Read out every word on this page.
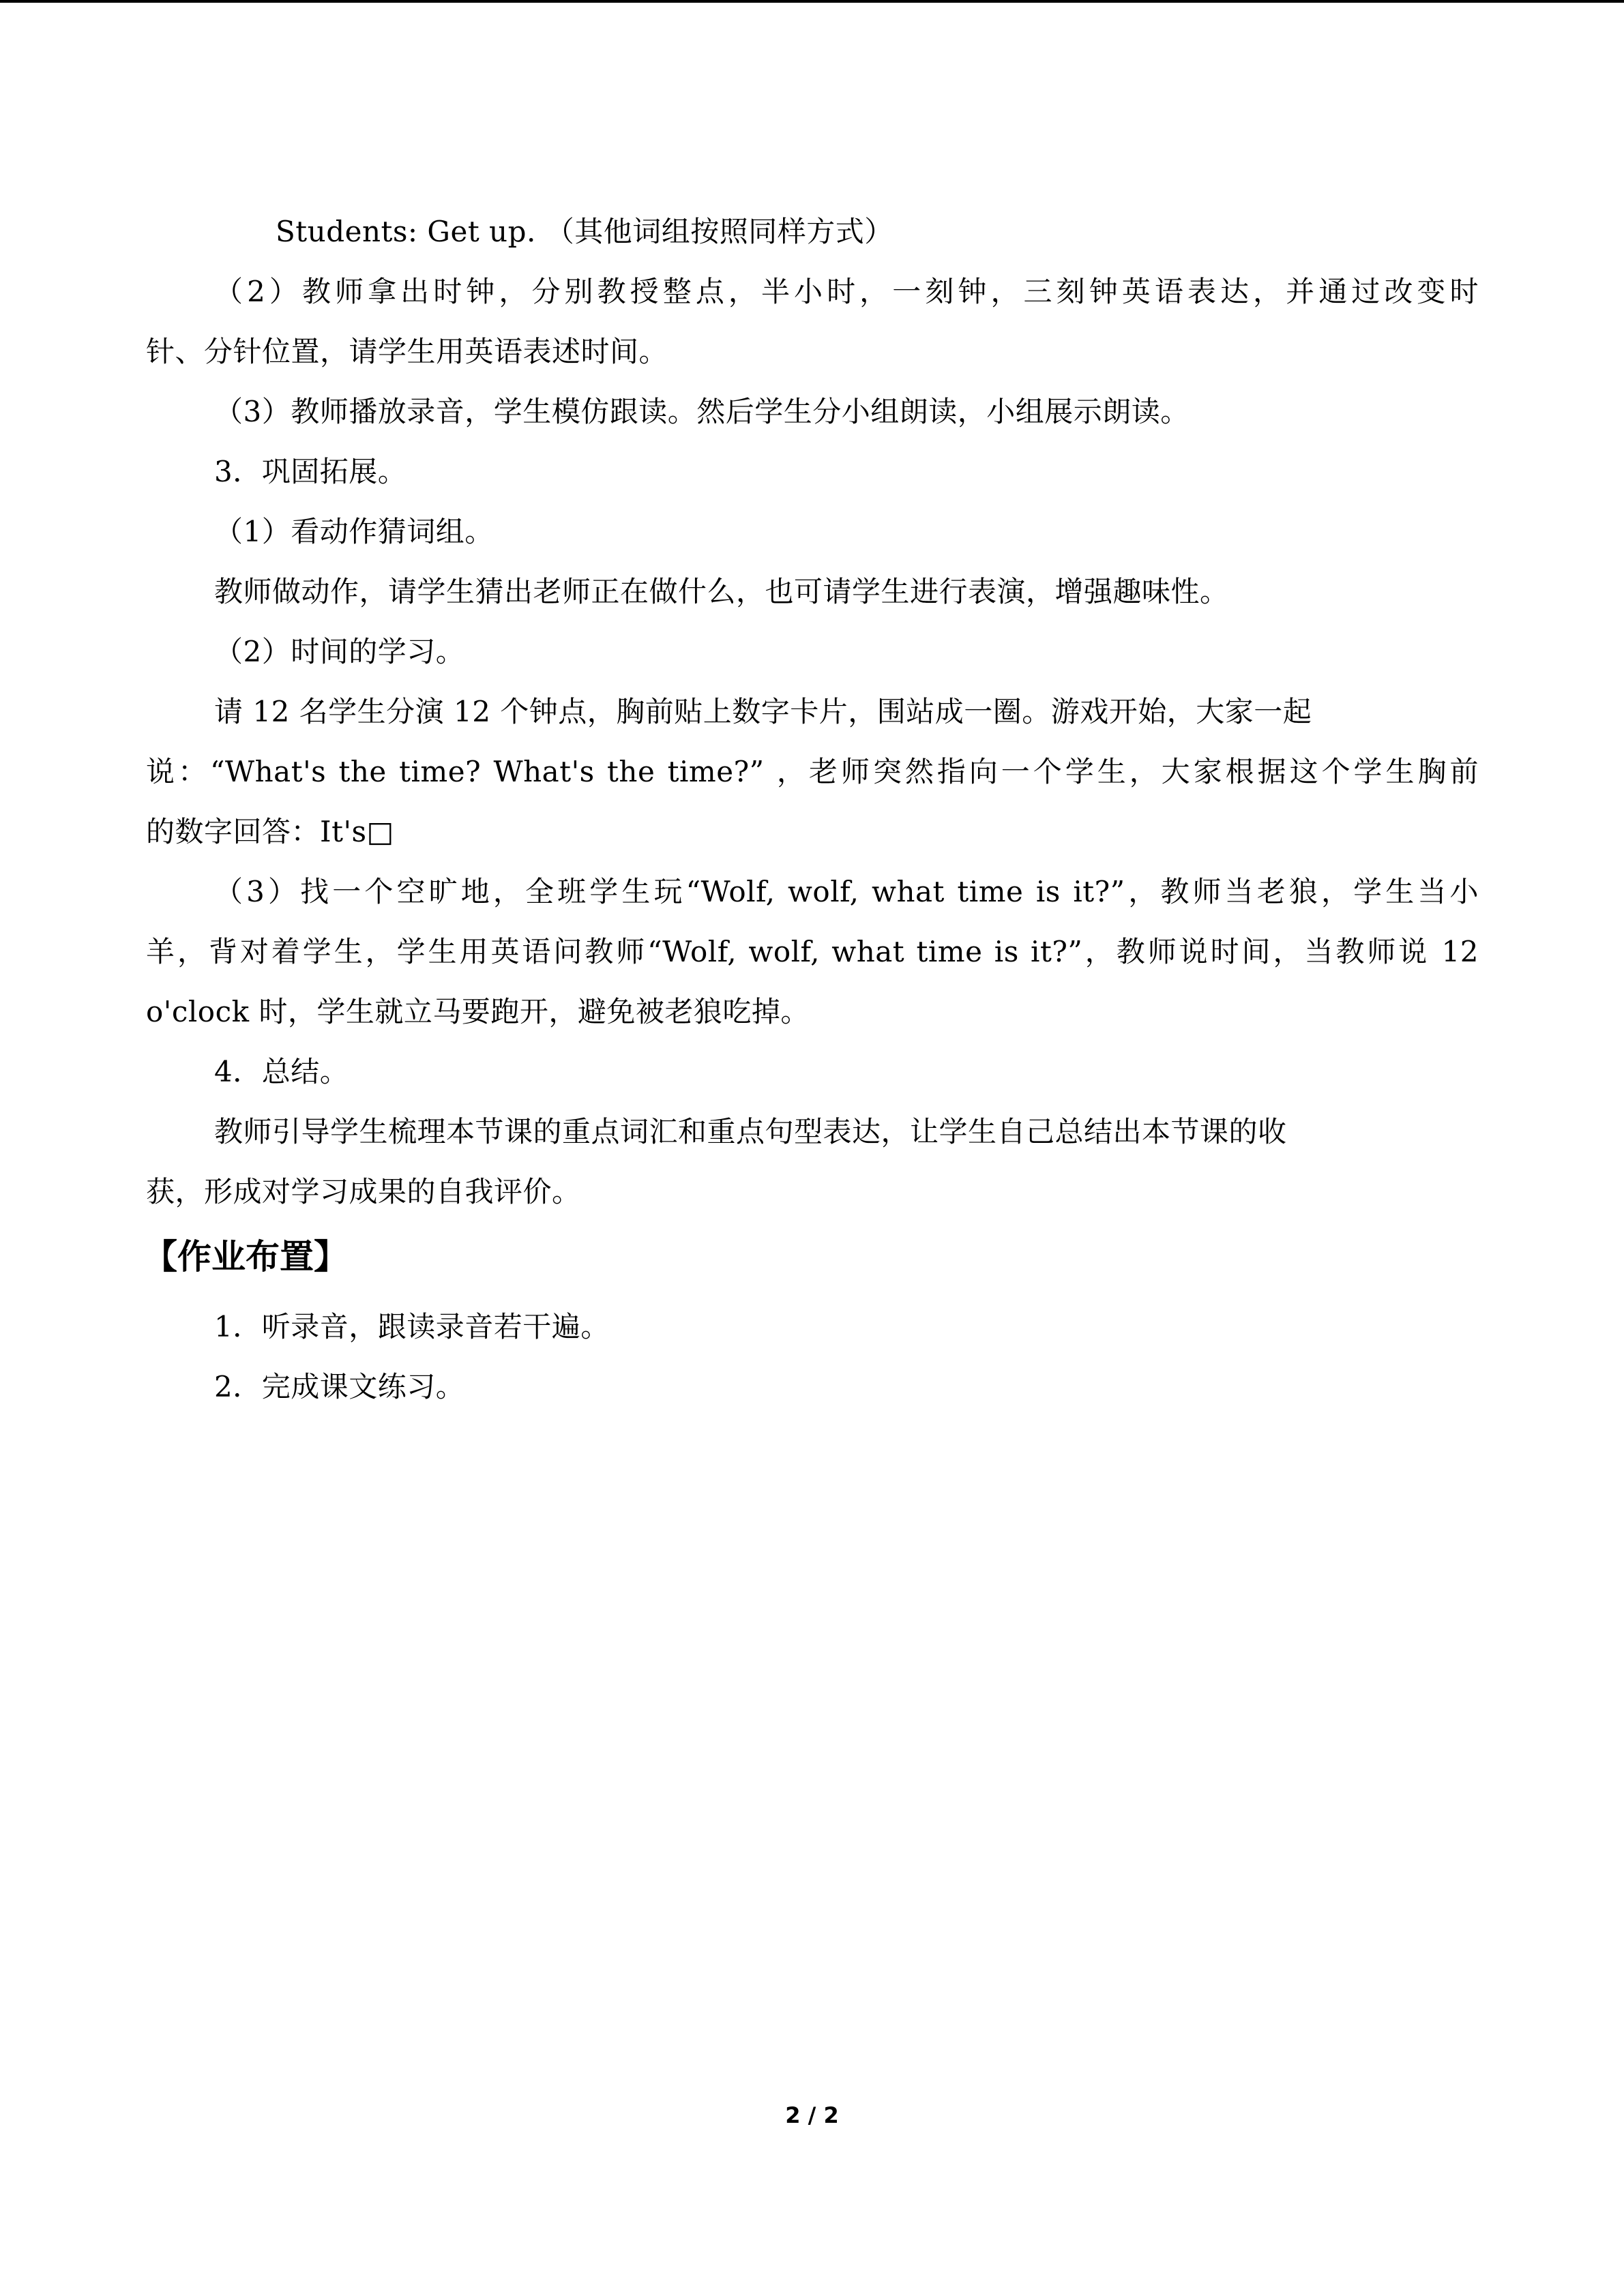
Students: Get up. （其他词组按照同样方式）
（2）教师拿出时钟，分别教授整点，半小时，一刻钟，三刻钟英语表达，并通过改变时
针、分针位置，请学生用英语表述时间。
（3）教师播放录音，学生模仿跟读。然后学生分小组朗读，小组展示朗读。
3．巩固拓展。
（1）看动作猜词组。
教师做动作，请学生猜出老师正在做什么，也可请学生进行表演，增强趣味性。
（2）时间的学习。
请 12 名学生分演 12 个钟点，胸前贴上数字卡片，围站成一圈。游戏开始，大家一起
说：“What's the time? What's the time?” ，老师突然指向一个学生，大家根据这个学生胸前
的数字回答：It's□
（3）找一个空旷地，全班学生玩“Wolf, wolf, what time is it?”，教师当老狼，学生当小
羊，背对着学生，学生用英语问教师“Wolf, wolf, what time is it?”，教师说时间，当教师说 12
o'clock 时，学生就立马要跑开，避免被老狼吃掉。
4．总结。
教师引导学生梳理本节课的重点词汇和重点句型表达，让学生自己总结出本节课的收
获，形成对学习成果的自我评价。
【作业布置】
1．听录音，跟读录音若干遍。
2．完成课文练习。
2 / 2
